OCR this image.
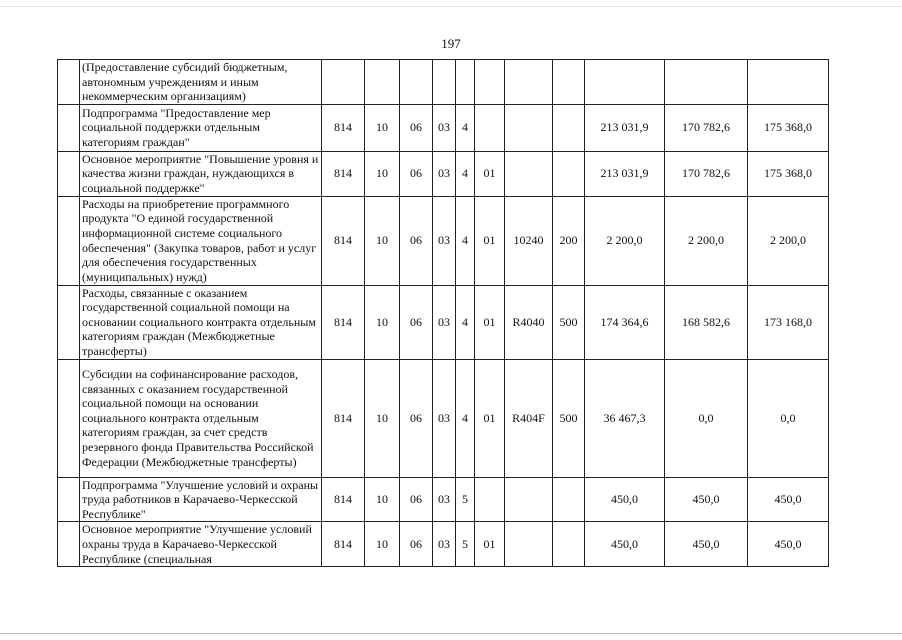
197
	(Предоставление субсидий бюджетным, автономным учреждениям и иным некоммерческим организациям)											
	Подпрограмма "Предоставление мер социальной поддержки отдельным категориям граждан"	814	10	06	03	4				213 031,9	170 782,6	175 368,0
	Основное мероприятие "Повышение уровня и качества жизни граждан, нуждающихся в социальной поддержке"	814	10	06	03	4	01			213 031,9	170 782,6	175 368,0
	Расходы на приобретение программного продукта "О единой государственной информационной системе социального обеспечения" (Закупка товаров, работ и услуг для обеспечения государственных (муниципальных) нужд)	814	10	06	03	4	01	10240	200	2 200,0	2 200,0	2 200,0
	Расходы, связанные с оказанием государственной социальной помощи на основании социального контракта отдельным категориям граждан (Межбюджетные трансферты)	814	10	06	03	4	01	R4040	500	174 364,6	168 582,6	173 168,0
	Субсидии на софинансирование расходов, связанных с оказанием государственной социальной помощи на основании социального контракта отдельным категориям граждан, за счет средств резервного фонда Правительства Российской Федерации (Межбюджетные трансферты)	814	10	06	03	4	01	R404F	500	36 467,3	0,0	0,0
	Подпрограмма "Улучшение условий и охраны труда работников в Карачаево-Черкесской Республике"	814	10	06	03	5				450,0	450,0	450,0
	Основное мероприятие "Улучшение условий охраны труда в Карачаево-Черкесской Республике (специальная	814	10	06	03	5	01			450,0	450,0	450,0
